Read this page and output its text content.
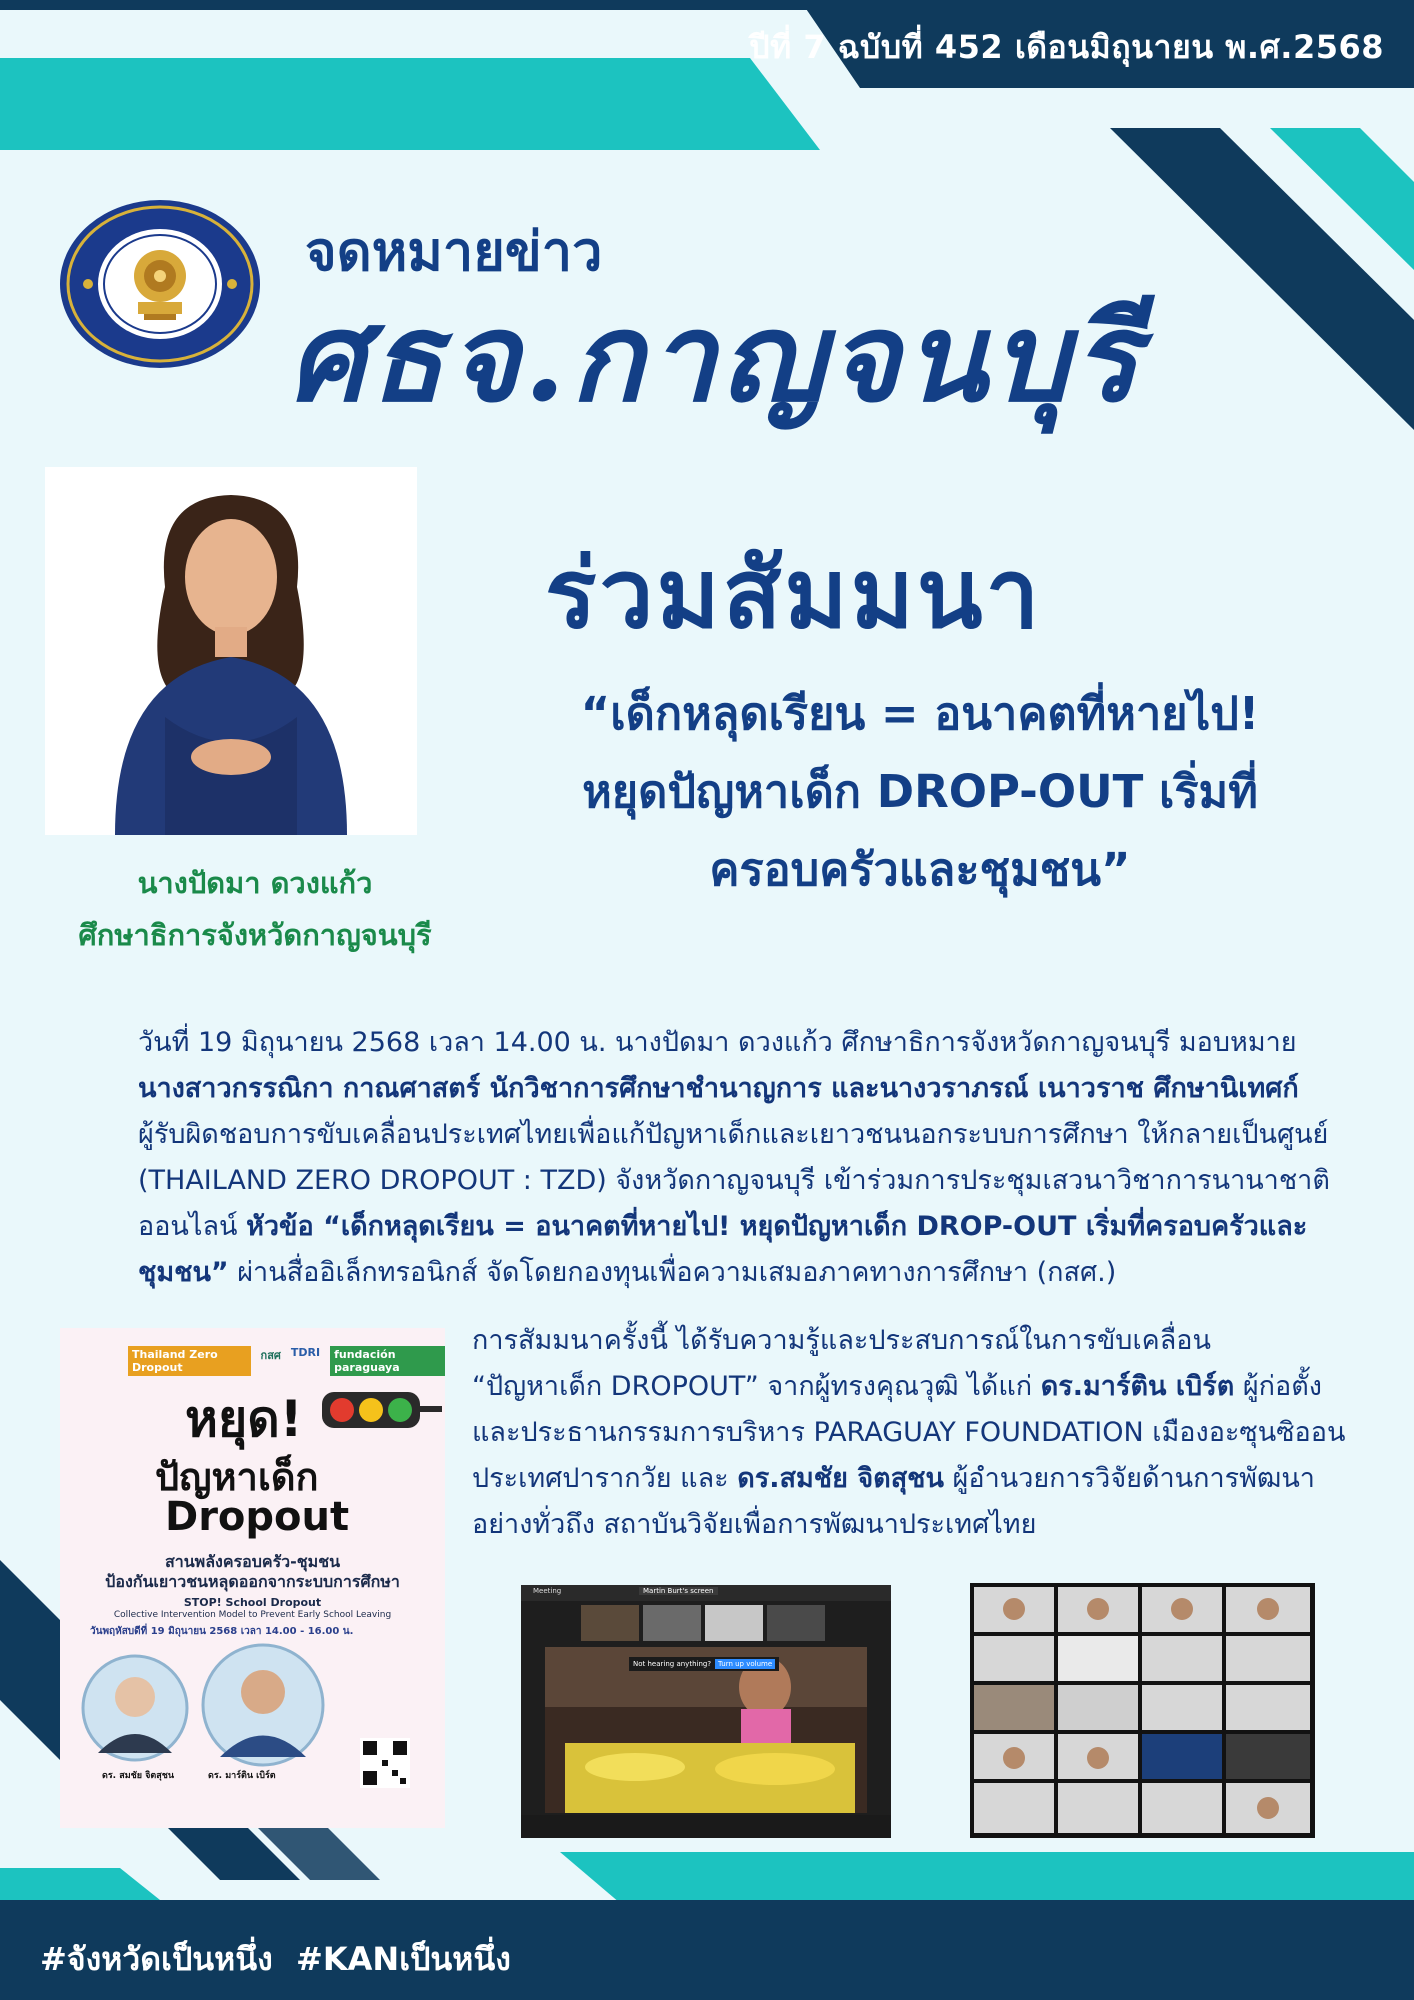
ปีที่ 7 ฉบับที่ 452 เดือนมิถุนายน พ.ศ.2568
จดหมายข่าว
ศธจ.กาญจนบุรี
นางปัดมา ดวงแก้ว
ศึกษาธิการจังหวัดกาญจนบุรี
ร่วมสัมมนา
“เด็กหลุดเรียน = อนาคตที่หายไป!
หยุดปัญหาเด็ก DROP-OUT เริ่มที่
ครอบครัวและชุมชน”
วันที่ 19 มิถุนายน 2568 เวลา 14.00 น. นางปัดมา ดวงแก้ว ศึกษาธิการจังหวัดกาญจนบุรี มอบหมาย
นางสาวกรรณิกา กาณศาสตร์ นักวิชาการศึกษาชำนาญการ และนางวราภรณ์ เนาวราช ศึกษานิเทศก์
ผู้รับผิดชอบการขับเคลื่อนประเทศไทยเพื่อแก้ปัญหาเด็กและเยาวชนนอกระบบการศึกษา ให้กลายเป็นศูนย์
(THAILAND ZERO DROPOUT : TZD) จังหวัดกาญจนบุรี เข้าร่วมการประชุมเสวนาวิชาการนานาชาติ
ออนไลน์ หัวข้อ “เด็กหลุดเรียน = อนาคตที่หายไป! หยุดปัญหาเด็ก DROP-OUT เริ่มที่ครอบครัวและ
ชุมชน” ผ่านสื่ออิเล็กทรอนิกส์ จัดโดยกองทุนเพื่อความเสมอภาคทางการศึกษา (กสศ.)
การสัมมนาครั้งนี้ ได้รับความรู้และประสบการณ์ในการขับเคลื่อน
“ปัญหาเด็ก DROPOUT” จากผู้ทรงคุณวุฒิ ได้แก่ ดร.มาร์ติน เบิร์ต ผู้ก่อตั้ง
และประธานกรรมการบริหาร PARAGUAY FOUNDATION เมืองอะซุนซิออน
ประเทศปารากวัย และ ดร.สมชัย จิตสุชน ผู้อำนวยการวิจัยด้านการพัฒนา
อย่างทั่วถึง สถาบันวิจัยเพื่อการพัฒนาประเทศไทย
Thailand Zero Dropout
กสศ TDRI	fundación paraguaya
หยุด!
ปัญหาเด็ก
Dropout
สานพลังครอบครัว-ชุมชน
ป้องกันเยาวชนหลุดออกจากระบบการศึกษา
STOP! School Dropout
Collective Intervention Model to Prevent Early School Leaving
วันพฤหัสบดีที่ 19 มิถุนายน 2568 เวลา 14.00 - 16.00 น.
ดร. สมชัย จิตสุชน	ดร. มาร์ติน เบิร์ต
Meeting	Martin Burt's screen
Not hearing anything?	Turn up volume
#จังหวัดเป็นหนึ่ง #KANเป็นหนึ่ง
